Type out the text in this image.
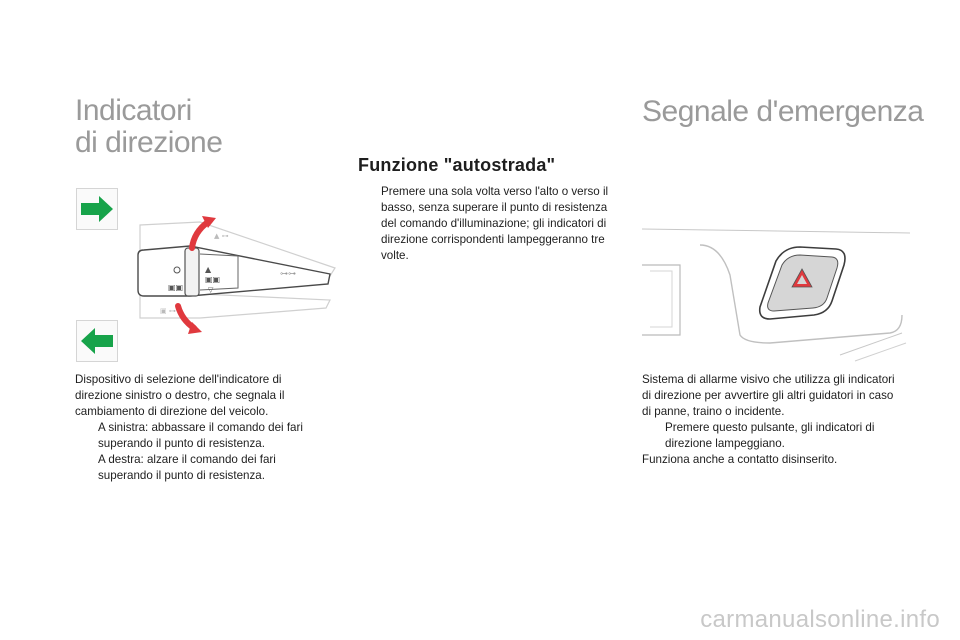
Indicatori
di direzione
▣▣
▲
▣▣
▽
⊶⊶
▲ ⊶
▣ ⊶

Dispositivo di selezione dell'indicatore di direzione sinistro o destro, che segnala il cambiamento di direzione del veicolo.

A sinistra: abbassare il comando dei fari superando il punto di resistenza.

A destra: alzare il comando dei fari superando il punto di resistenza.

Funzione "autostrada"

Premere una sola volta verso l'alto o verso il basso, senza superare il punto di resistenza del comando d'illuminazione; gli indicatori di direzione corrispondenti lampeggeranno tre volte.

Segnale d'emergenza

Sistema di allarme visivo che utilizza gli indicatori di direzione per avvertire gli altri guidatori in caso di panne, traino o incidente.

Premere questo pulsante, gli indicatori di direzione lampeggiano.

Funziona anche a contatto disinserito.

carmanualsonline.info
